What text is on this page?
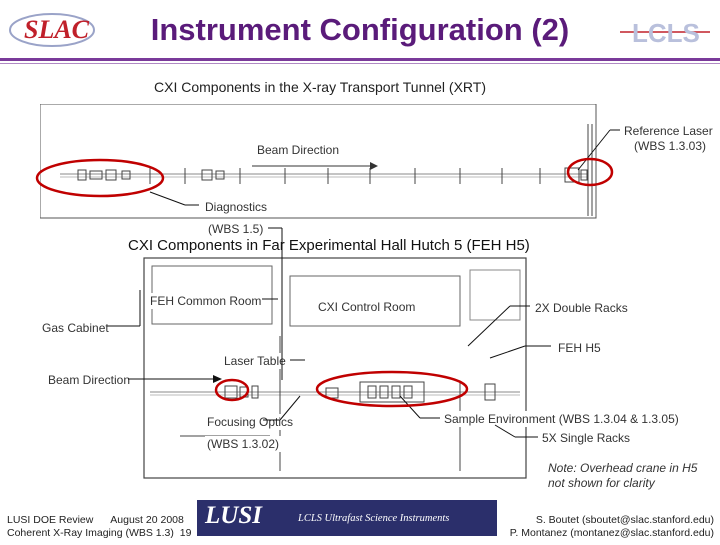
SLAC	LCLS
Instrument Configuration (2)
CXI Components in the X-ray Transport Tunnel (XRT)
Beam Direction
Reference Laser
(WBS 1.3.03)
Diagnostics
(WBS 1.5)
CXI Components in Far Experimental Hall Hutch 5 (FEH H5)
FEH Common Room	CXI Control Room	2X Double Racks
Gas Cabinet
FEH H5
Laser Table
Beam Direction
Focusing Optics
(WBS 1.3.02)
Sample Environment (WBS 1.3.04 & 1.3.05)
5X Single Racks
Note: Overhead crane in H5
not shown for clarity
LUSI DOE Review      August 20 2008
Coherent X-Ray Imaging (WBS 1.3)  19
LUSI	LCLS Ultrafast Science Instruments	S. Boutet (sboutet@slac.stanford.edu)
P. Montanez (montanez@slac.stanford.edu)
